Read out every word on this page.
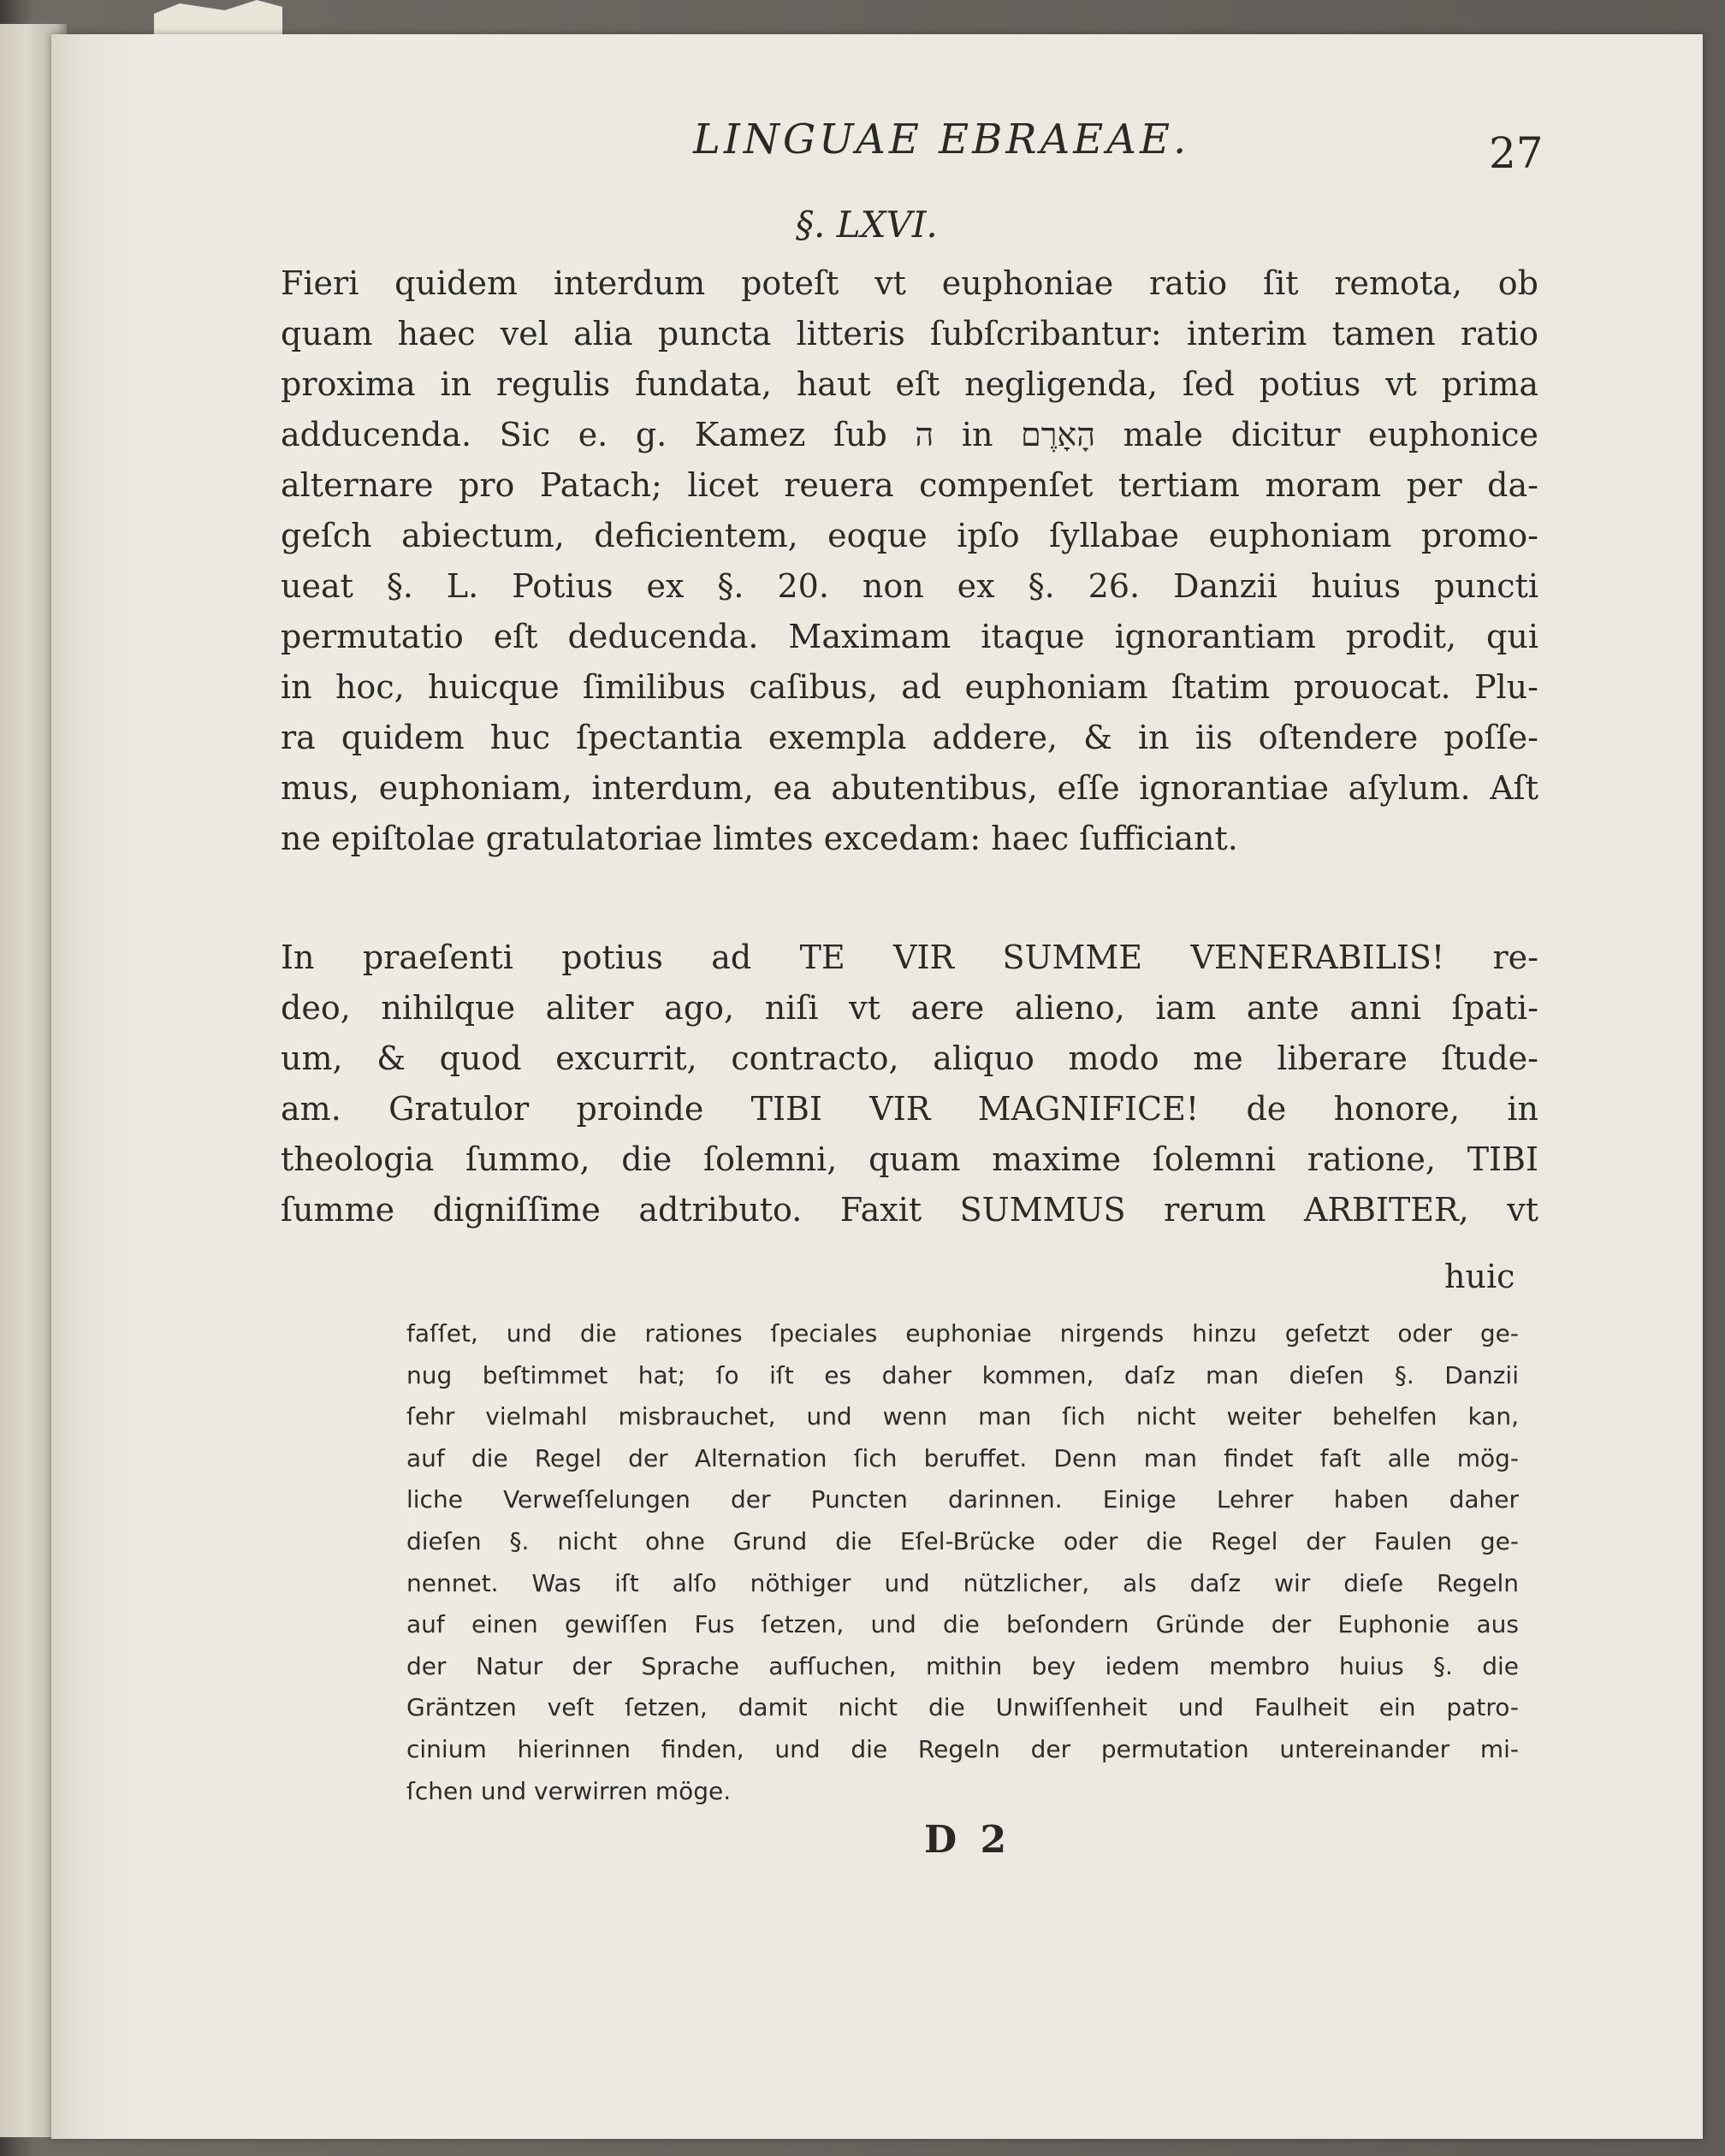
LINGUAE EBRAEAE.	27
§. LXVI.
Fieri quidem interdum poteſt vt euphoniae ratio ſit remota, ob
quam haec vel alia puncta litteris ſubſcribantur: interim tamen ratio
proxima in regulis fundata, haut eſt negligenda, ſed potius vt prima
adducenda. Sic e. g. Kamez ſub ה in הָאָרֶם male dicitur euphonice
alternare pro Patach; licet reuera compenſet tertiam moram per da-
geſch abiectum, deficientem, eoque ipſo ſyllabae euphoniam promo-
ueat §. L. Potius ex §. 20. non ex §. 26. Danzii huius puncti
permutatio eſt deducenda. Maximam itaque ignorantiam prodit, qui
in hoc, huicque ſimilibus caſibus, ad euphoniam ſtatim prouocat. Plu-
ra quidem huc ſpectantia exempla addere, & in iis oſtendere poſſe-
mus, euphoniam, interdum, ea abutentibus, eſſe ignorantiae aſylum. Aſt
ne epiſtolae gratulatoriae limtes excedam: haec ſufficiant.
In praeſenti potius ad TE VIR SUMME VENERABILIS! re-
deo, nihilque aliter ago, niſi vt aere alieno, iam ante anni ſpati-
um, & quod excurrit, contracto, aliquo modo me liberare ſtude-
am. Gratulor proinde TIBI VIR MAGNIFICE! de honore, in
theologia ſummo, die ſolemni, quam maxime ſolemni ratione, TIBI
ſumme digniſſime adtributo. Faxit SUMMUS rerum ARBITER, vt
huic
faſſet, und die rationes ſpeciales euphoniae nirgends hinzu geſetzt oder ge-
nug beſtimmet hat; ſo iſt es daher kommen, daſz man dieſen §. Danzii
ſehr vielmahl misbrauchet, und wenn man ſich nicht weiter behelfen kan,
auf die Regel der Alternation ſich beruffet. Denn man findet faſt alle mög-
liche Verweſſelungen der Puncten darinnen. Einige Lehrer haben daher
dieſen §. nicht ohne Grund die Eſel-Brücke oder die Regel der Faulen ge-
nennet. Was iſt alſo nöthiger und nützlicher, als daſz wir dieſe Regeln
auf einen gewiſſen Fus ſetzen, und die beſondern Gründe der Euphonie aus
der Natur der Sprache aufſuchen, mithin bey iedem membro huius §. die
Gräntzen veſt ſetzen, damit nicht die Unwiſſenheit und Faulheit ein patro-
cinium hierinnen finden, und die Regeln der permutation untereinander mi-
ſchen und verwirren möge.
D 2
